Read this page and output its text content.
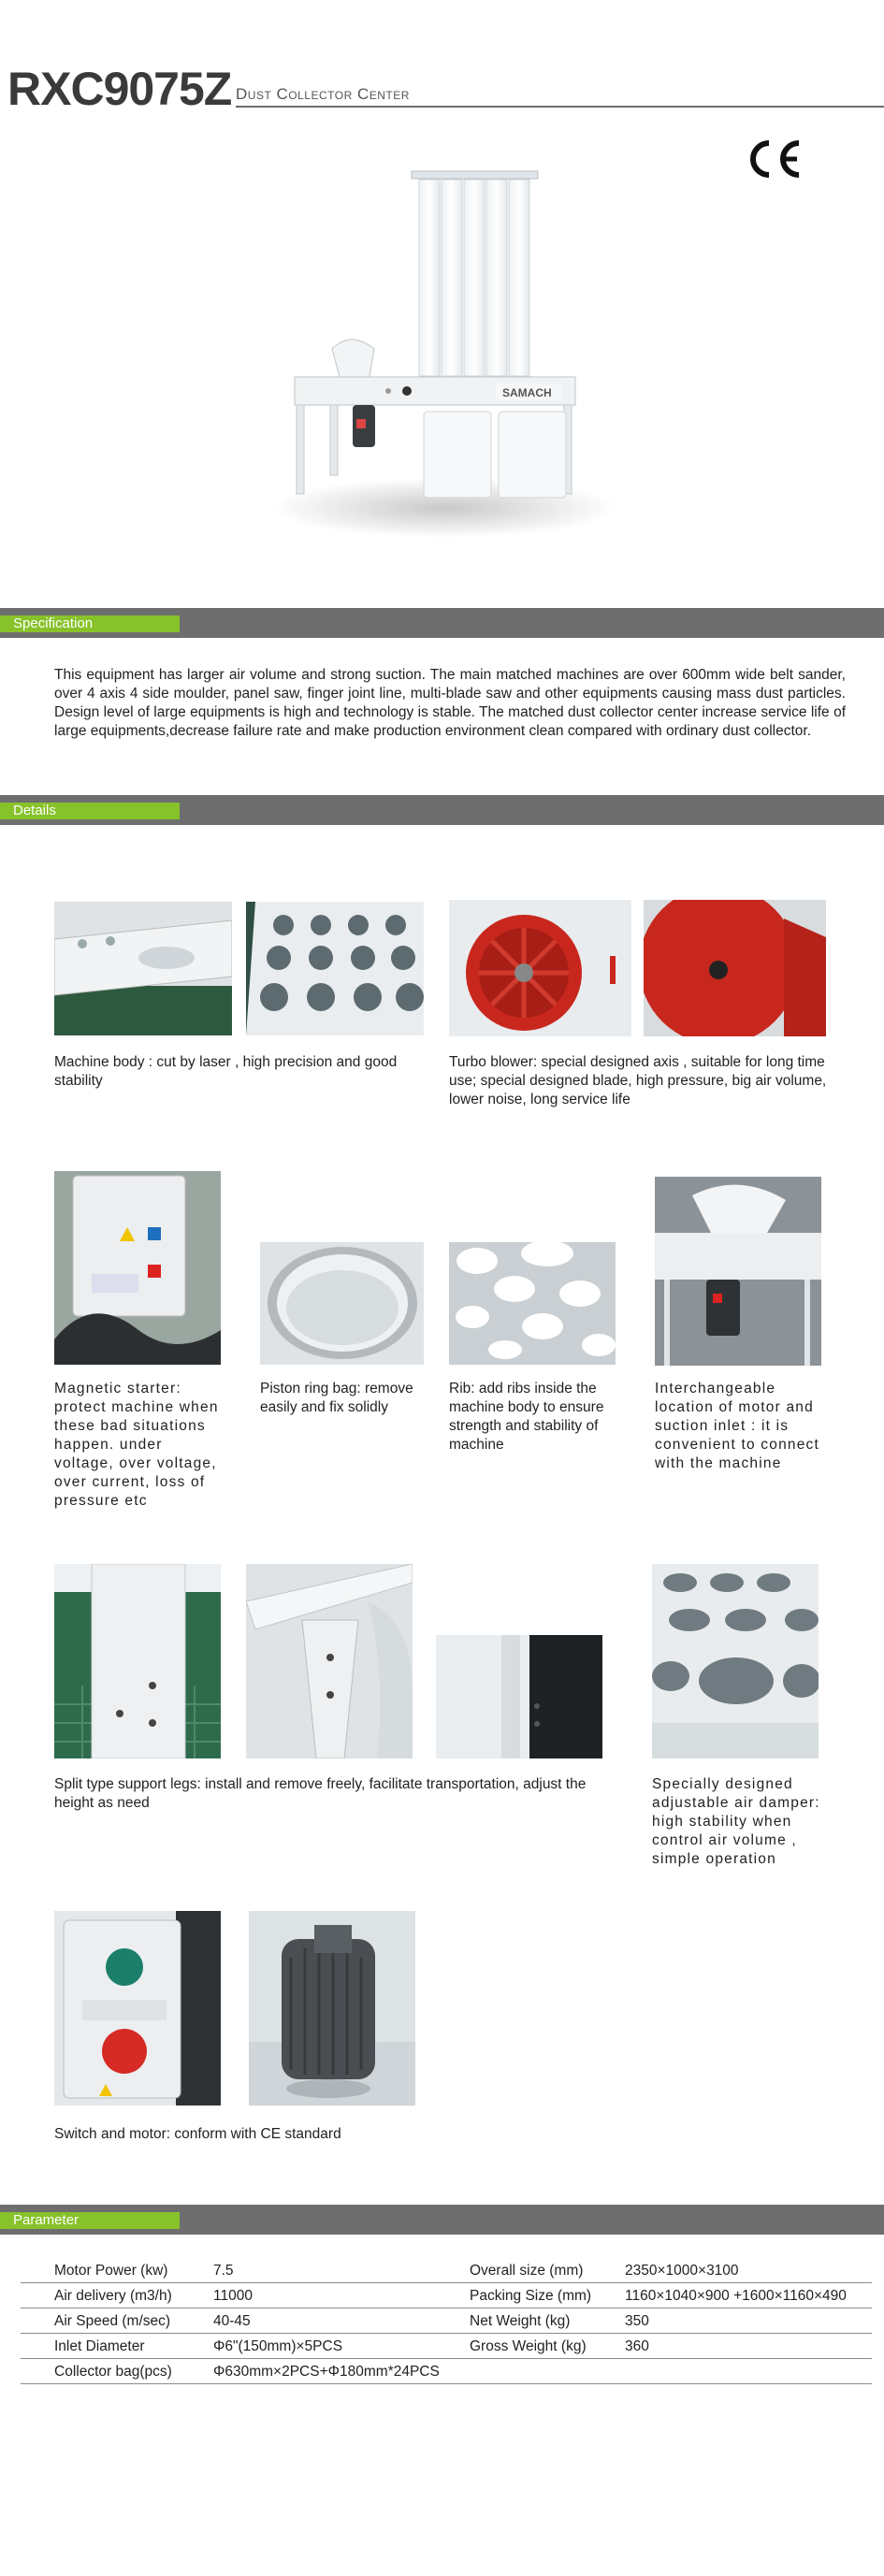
RXC9075Z Dust Collector Center
SAMACH
Specification
This equipment has larger air volume and strong suction. The main matched machines are over 600mm wide belt sander, over 4 axis 4 side moulder, panel saw, finger joint line, multi-blade saw and other equipments causing mass dust particles. Design level of large equipments is high and technology is stable. The matched dust collector center increase service life of large equipments,decrease failure rate and make production environment clean compared with ordinary dust collector.
Details
Machine body : cut by laser , high precision and good stability
Turbo blower: special designed axis , suitable for long time use; special designed blade, high pressure, big air volume, lower noise, long service life
Magnetic starter: protect machine when these bad situations happen. under voltage, over voltage, over current, loss of pressure etc
Piston ring bag: remove easily and fix solidly
Rib: add ribs inside the machine body to ensure strength and stability of machine
Interchangeable location of motor and suction inlet : it is convenient to connect with the machine
Split type support legs: install and remove freely, facilitate transportation, adjust the height as need
Specially designed adjustable air damper: high stability when control air volume , simple operation
Switch and motor: conform with CE standard
Parameter
Motor Power (kw)	7.5	Overall size (mm)	2350×1000×3100
Air delivery (m3/h)	11000	Packing Size (mm) 1160×1040×900 +1600×1160×490
Air Speed (m/sec)	40-45	Net Weight (kg)	350
Inlet Diameter	Φ6"(150mm)×5PCS	Gross Weight (kg)	360
Collector bag(pcs)	Φ630mm×2PCS+Φ180mm*24PCS
